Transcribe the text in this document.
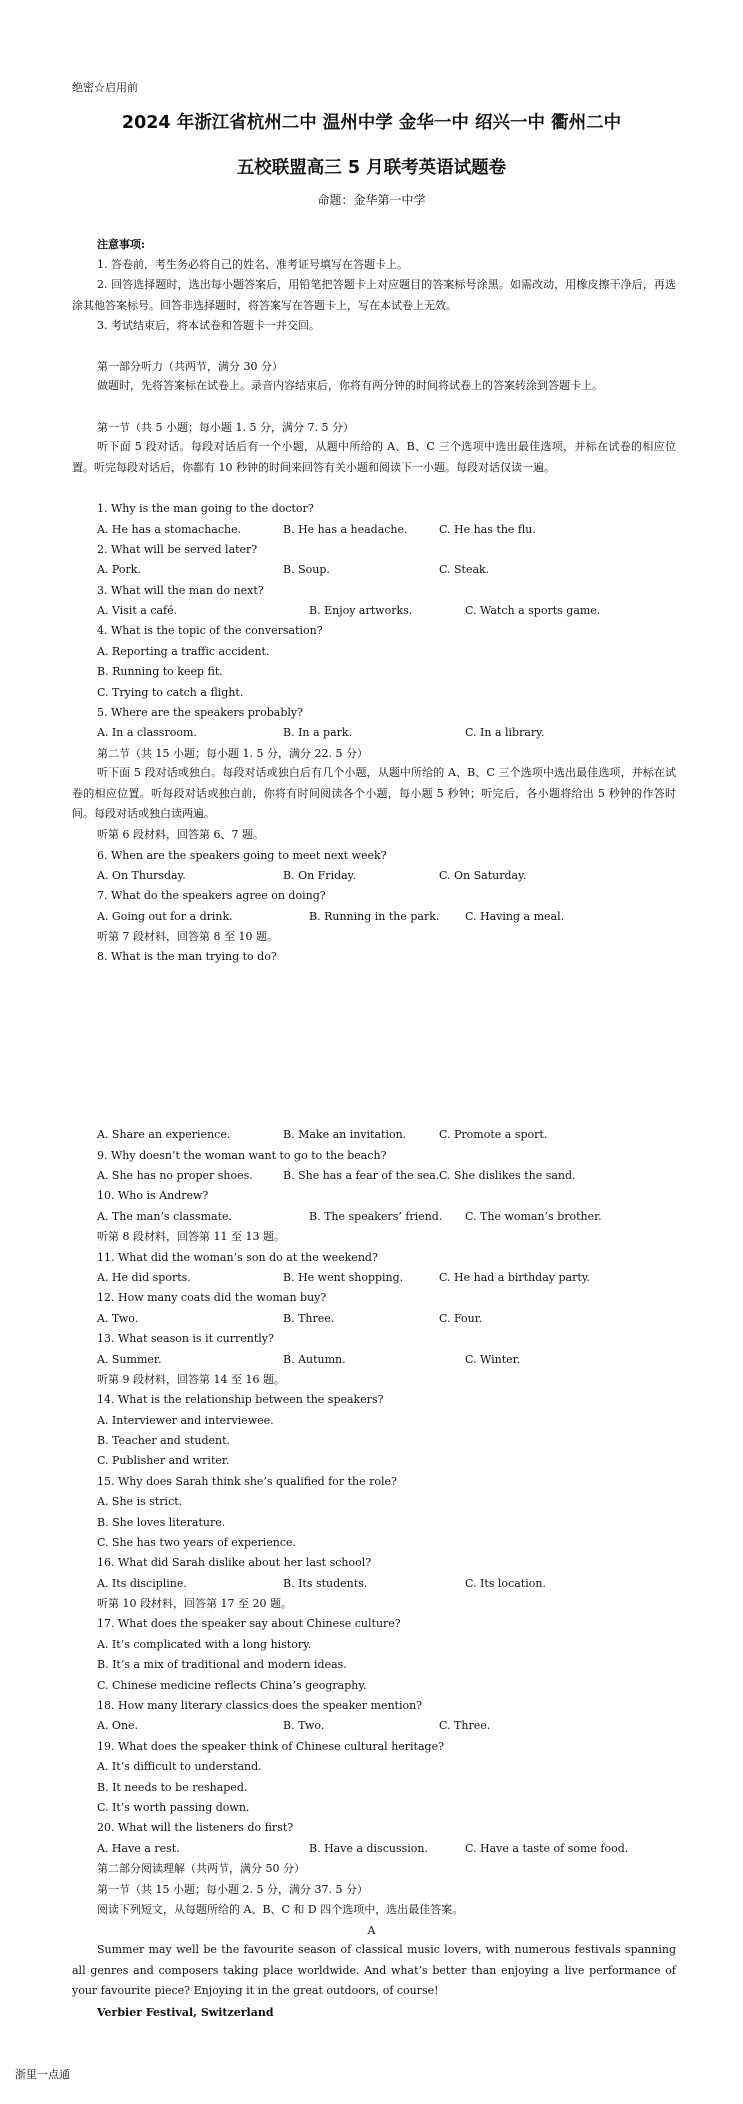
绝密☆启用前
2024 年浙江省杭州二中 温州中学 金华一中 绍兴一中 衢州二中
五校联盟高三 5 月联考英语试题卷
命题：金华第一中学
注意事项:
1. 答卷前，考生务必将自己的姓名、准考证号填写在答题卡上。
2. 回答选择题时，选出每小题答案后，用铅笔把答题卡上对应题目的答案标号涂黑。如需改动，用橡皮擦干净后，再选涂其他答案标号。回答非选择题时，将答案写在答题卡上，写在本试卷上无效。
3. 考试结束后，将本试卷和答题卡一并交回。
第一部分听力（共两节，满分 30 分）
做题时，先将答案标在试卷上。录音内容结束后，你将有两分钟的时间将试卷上的答案转涂到答题卡上。
第一节（共 5 小题；每小题 1. 5 分，满分 7. 5 分）
听下面 5 段对话。每段对话后有一个小题，从题中所给的 A、B、C 三个选项中选出最佳选项，并标在试卷的相应位置。听完每段对话后，你都有 10 秒钟的时间来回答有关小题和阅读下一小题。每段对话仅读一遍。
1. Why is the man going to the doctor?
A. He has a stomachache.	B. He has a headache.	C. He has the flu.
2. What will be served later?
A. Pork.	B. Soup.	C. Steak.
3. What will the man do next?
A. Visit a café.	B. Enjoy artworks.	C. Watch a sports game.
4. What is the topic of the conversation?
A. Reporting a traffic accident.
B. Running to keep fit.
C. Trying to catch a flight.
5. Where are the speakers probably?
A. In a classroom.	B. In a park.	C. In a library.
第二节（共 15 小题；每小题 1. 5 分，满分 22. 5 分）
听下面 5 段对话或独白。每段对话或独白后有几个小题，从题中所给的 A、B、C 三个选项中选出最佳选项，并标在试卷的相应位置。听每段对话或独白前，你将有时间阅读各个小题，每小题 5 秒钟；听完后，各小题将给出 5 秒钟的作答时间。每段对话或独白读两遍。
听第 6 段材料，回答第 6、7 题。
6. When are the speakers going to meet next week?
A. On Thursday.	B. On Friday.	C. On Saturday.
7. What do the speakers agree on doing?
A. Going out for a drink.	B. Running in the park. C. Having a meal.
听第 7 段材料，回答第 8 至 10 题。
8. What is the man trying to do?
A. Share an experience.	B. Make an invitation.	C. Promote a sport.
9. Why doesn’t the woman want to go to the beach?
A. She has no proper shoes.	B. She has a fear of the sea. C. She dislikes the sand.
10. Who is Andrew?
A. The man’s classmate.	B. The speakers’ friend. C. The woman’s brother.
听第 8 段材料，回答第 11 至 13 题。
11. What did the woman’s son do at the weekend?
A. He did sports.	B. He went shopping.	C. He had a birthday party.
12. How many coats did the woman buy?
A. Two.	B. Three.	C. Four.
13. What season is it currently?
A. Summer.	B. Autumn.	C. Winter.
听第 9 段材料，回答第 14 至 16 题。
14. What is the relationship between the speakers?
A. Interviewer and interviewee.
B. Teacher and student.
C. Publisher and writer.
15. Why does Sarah think she’s qualified for the role?
A. She is strict.
B. She loves literature.
C. She has two years of experience.
16. What did Sarah dislike about her last school?
A. Its discipline.	B. Its students.	C. Its location.
听第 10 段材料，回答第 17 至 20 题。
17. What does the speaker say about Chinese culture?
A. It’s complicated with a long history.
B. It’s a mix of traditional and modern ideas.
C. Chinese medicine reflects China’s geography.
18. How many literary classics does the speaker mention?
A. One.	B. Two.	C. Three.
19. What does the speaker think of Chinese cultural heritage?
A. It’s difficult to understand.
B. It needs to be reshaped.
C. It’s worth passing down.
20. What will the listeners do first?
A. Have a rest.	B. Have a discussion.	C. Have a taste of some food.
第二部分阅读理解（共两节，满分 50 分）
第一节（共 15 小题；每小题 2. 5 分，满分 37. 5 分）
阅读下列短文，从每题所给的 A、B、C 和 D 四个选项中，选出最佳答案。
A
Summer may well be the favourite season of classical music lovers, with numerous festivals spanning all genres and composers taking place worldwide. And what’s better than enjoying a live performance of your favourite piece? Enjoying it in the great outdoors, of course!
Verbier Festival, Switzerland
浙里一点通
